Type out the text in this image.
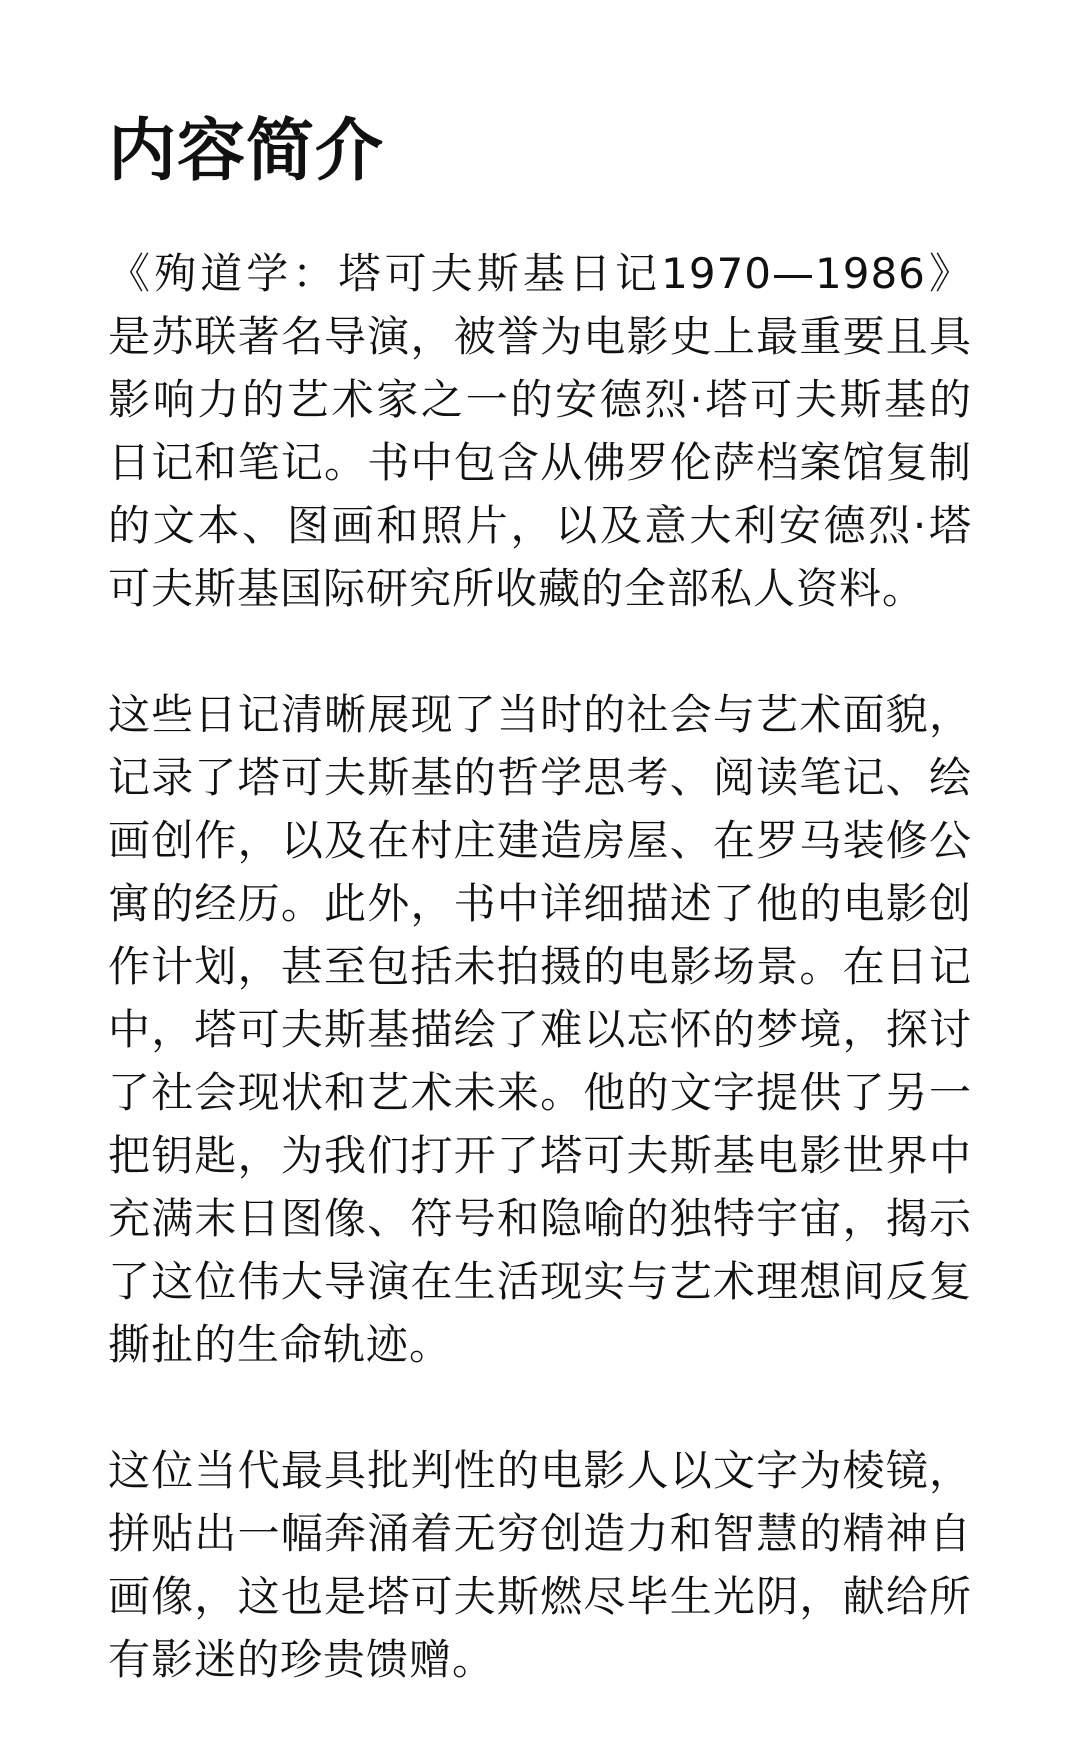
内容简介

《殉道学：塔可夫斯基日记1970—1986》是苏联著名导演，被誉为电影史上最重要且具影响力的艺术家之一的安德烈·塔可夫斯基的日记和笔记。书中包含从佛罗伦萨档案馆复制的文本、图画和照片，以及意大利安德烈·塔可夫斯基国际研究所收藏的全部私人资料。

这些日记清晰展现了当时的社会与艺术面貌，记录了塔可夫斯基的哲学思考、阅读笔记、绘画创作，以及在村庄建造房屋、在罗马装修公寓的经历。此外，书中详细描述了他的电影创作计划，甚至包括未拍摄的电影场景。在日记中，塔可夫斯基描绘了难以忘怀的梦境，探讨了社会现状和艺术未来。他的文字提供了另一把钥匙，为我们打开了塔可夫斯基电影世界中充满末日图像、符号和隐喻的独特宇宙，揭示了这位伟大导演在生活现实与艺术理想间反复撕扯的生命轨迹。

这位当代最具批判性的电影人以文字为棱镜，拼贴出一幅奔涌着无穷创造力和智慧的精神自画像，这也是塔可夫斯燃尽毕生光阴，献给所有影迷的珍贵馈赠。
